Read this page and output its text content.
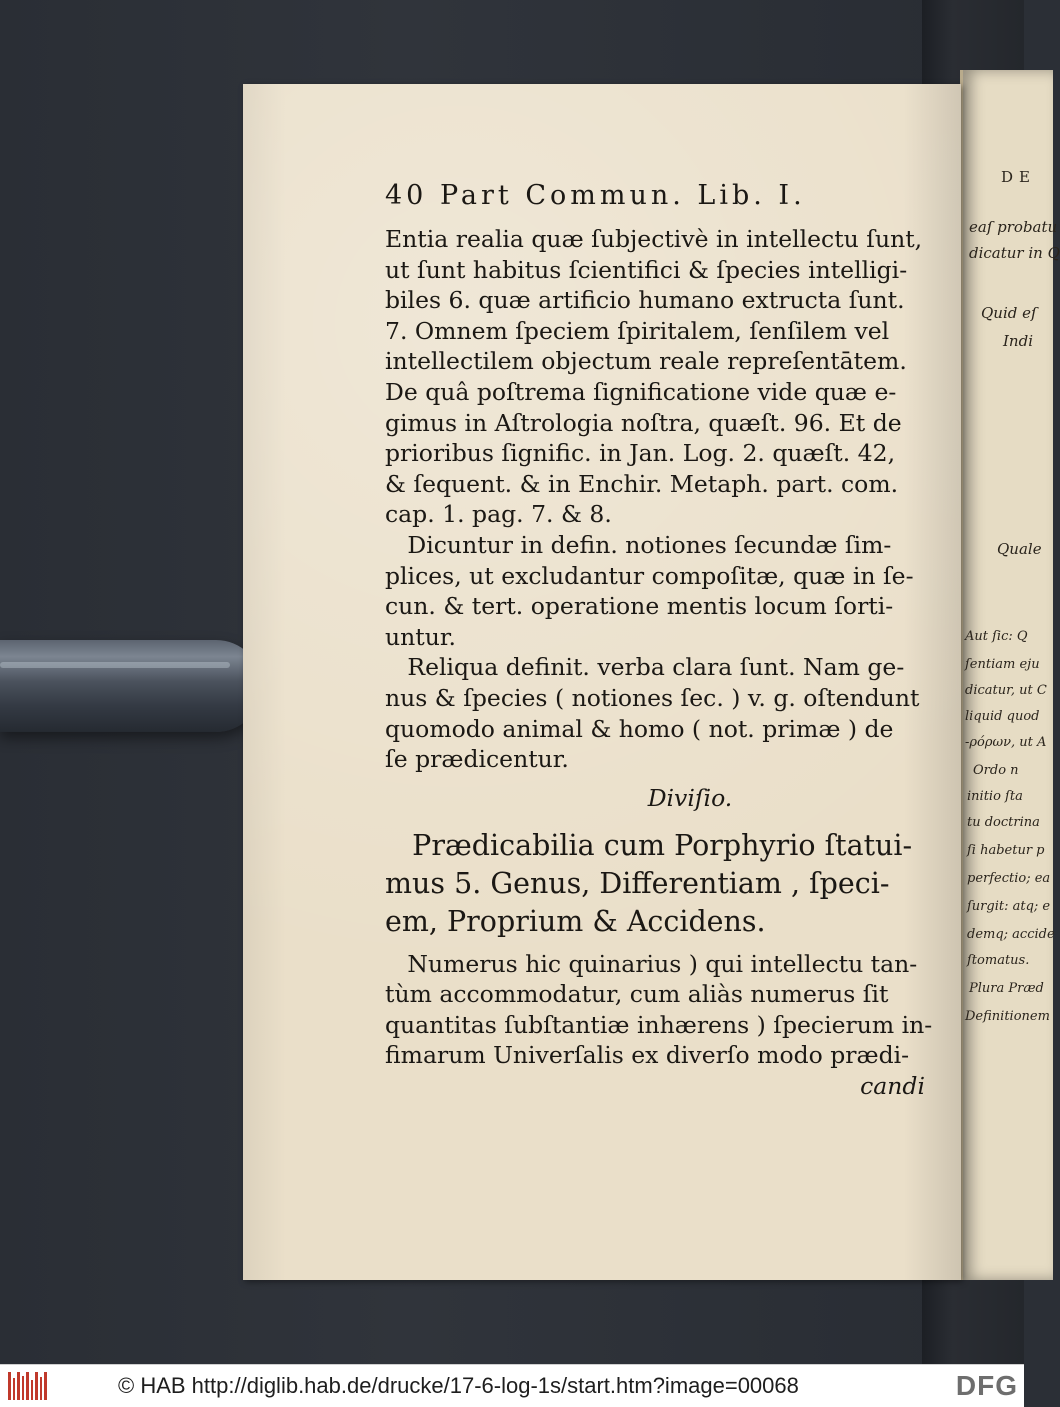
DE
eaſ probatu
dicatur in Q
Quid eſ
Indi
Quale
Aut ſic: Q
ſentiam eju
dicatur, ut C
liquid quod
-ρόρων, ut A
Ordo n
initio ſta
tu doctrina
ſi habetur p
perfectio; ea
ſurgit: atq; e
demq; accide
ſtomatus.
Plura Præd
Definitionem
40 Part Commun. Lib. I.
Entia realia quæ ſubjectivè in intellectu ſunt,
ut ſunt habitus ſcientifici & ſpecies intelligi-
biles 6. quæ artificio humano extructa ſunt.
7. Omnem ſpeciem ſpiritalem, ſenſilem vel
intellectilem objectum reale repreſentātem.
De quâ poſtrema ſignificatione vide quæ e-
gimus in Aſtrologia noſtra, quæſt. 96. Et de
prioribus ſignific. in Jan. Log. 2. quæſt. 42,
& ſequent. & in Enchir. Metaph. part. com.
cap. 1. pag. 7. & 8.
Dicuntur in defin. notiones ſecundæ ſim-
plices, ut excludantur compoſitæ, quæ in ſe-
cun. & tert. operatione mentis locum ſorti-
untur.
Reliqua definit. verba clara ſunt. Nam ge-
nus & ſpecies ( notiones ſec. ) v. g. oſtendunt
quomodo animal & homo ( not. primæ ) de
ſe prædicentur.
Diviſio.
Prædicabilia cum Porphyrio ſtatui-
mus 5. Genus, Differentiam , ſpeci-
em, Proprium & Accidens.
Numerus hic quinarius ) qui intellectu tan-
tùm accommodatur, cum aliàs numerus ſit
quantitas ſubſtantiæ inhærens ) ſpecierum in-
fimarum Univerſalis ex diverſo modo prædi-
candi
© HAB http://diglib.hab.de/drucke/17-6-log-1s/start.htm?image=00068	DFG
